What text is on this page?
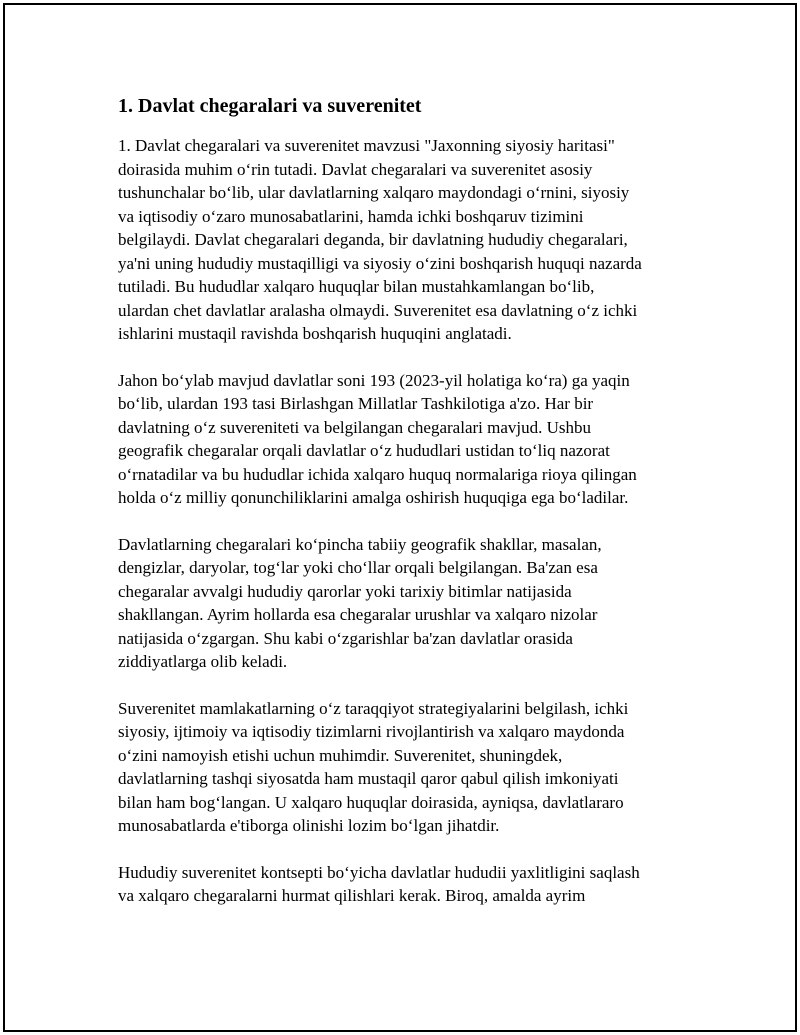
1. Davlat chegaralari va suverenitet

1. Davlat chegaralari va suverenitet mavzusi "Jaxonning siyosiy haritasi"
doirasida muhim o‘rin tutadi. Davlat chegaralari va suverenitet asosiy
tushunchalar bo‘lib, ular davlatlarning xalqaro maydondagi o‘rnini, siyosiy
va iqtisodiy o‘zaro munosabatlarini, hamda ichki boshqaruv tizimini
belgilaydi. Davlat chegaralari deganda, bir davlatning hududiy chegaralari,
ya'ni uning hududiy mustaqilligi va siyosiy o‘zini boshqarish huquqi nazarda
tutiladi. Bu hududlar xalqaro huquqlar bilan mustahkamlangan bo‘lib,
ulardan chet davlatlar aralasha olmaydi. Suverenitet esa davlatning o‘z ichki
ishlarini mustaqil ravishda boshqarish huquqini anglatadi.

Jahon bo‘ylab mavjud davlatlar soni 193 (2023-yil holatiga ko‘ra) ga yaqin
bo‘lib, ulardan 193 tasi Birlashgan Millatlar Tashkilotiga a'zo. Har bir
davlatning o‘z suvereniteti va belgilangan chegaralari mavjud. Ushbu
geografik chegaralar orqali davlatlar o‘z hududlari ustidan to‘liq nazorat
o‘rnatadilar va bu hududlar ichida xalqaro huquq normalariga rioya qilingan
holda o‘z milliy qonunchiliklarini amalga oshirish huquqiga ega bo‘ladilar.

Davlatlarning chegaralari ko‘pincha tabiiy geografik shakllar, masalan,
dengizlar, daryolar, tog‘lar yoki cho‘llar orqali belgilangan. Ba'zan esa
chegaralar avvalgi hududiy qarorlar yoki tarixiy bitimlar natijasida
shakllangan. Ayrim hollarda esa chegaralar urushlar va xalqaro nizolar
natijasida o‘zgargan. Shu kabi o‘zgarishlar ba'zan davlatlar orasida
ziddiyatlarga olib keladi.

Suverenitet mamlakatlarning o‘z taraqqiyot strategiyalarini belgilash, ichki
siyosiy, ijtimoiy va iqtisodiy tizimlarni rivojlantirish va xalqaro maydonda
o‘zini namoyish etishi uchun muhimdir. Suverenitet, shuningdek,
davlatlarning tashqi siyosatda ham mustaqil qaror qabul qilish imkoniyati
bilan ham bog‘langan. U xalqaro huquqlar doirasida, ayniqsa, davlatlararo
munosabatlarda e'tiborga olinishi lozim bo‘lgan jihatdir.

Hududiy suverenitet kontsepti bo‘yicha davlatlar hududii yaxlitligini saqlash
va xalqaro chegaralarni hurmat qilishlari kerak. Biroq, amalda ayrim
